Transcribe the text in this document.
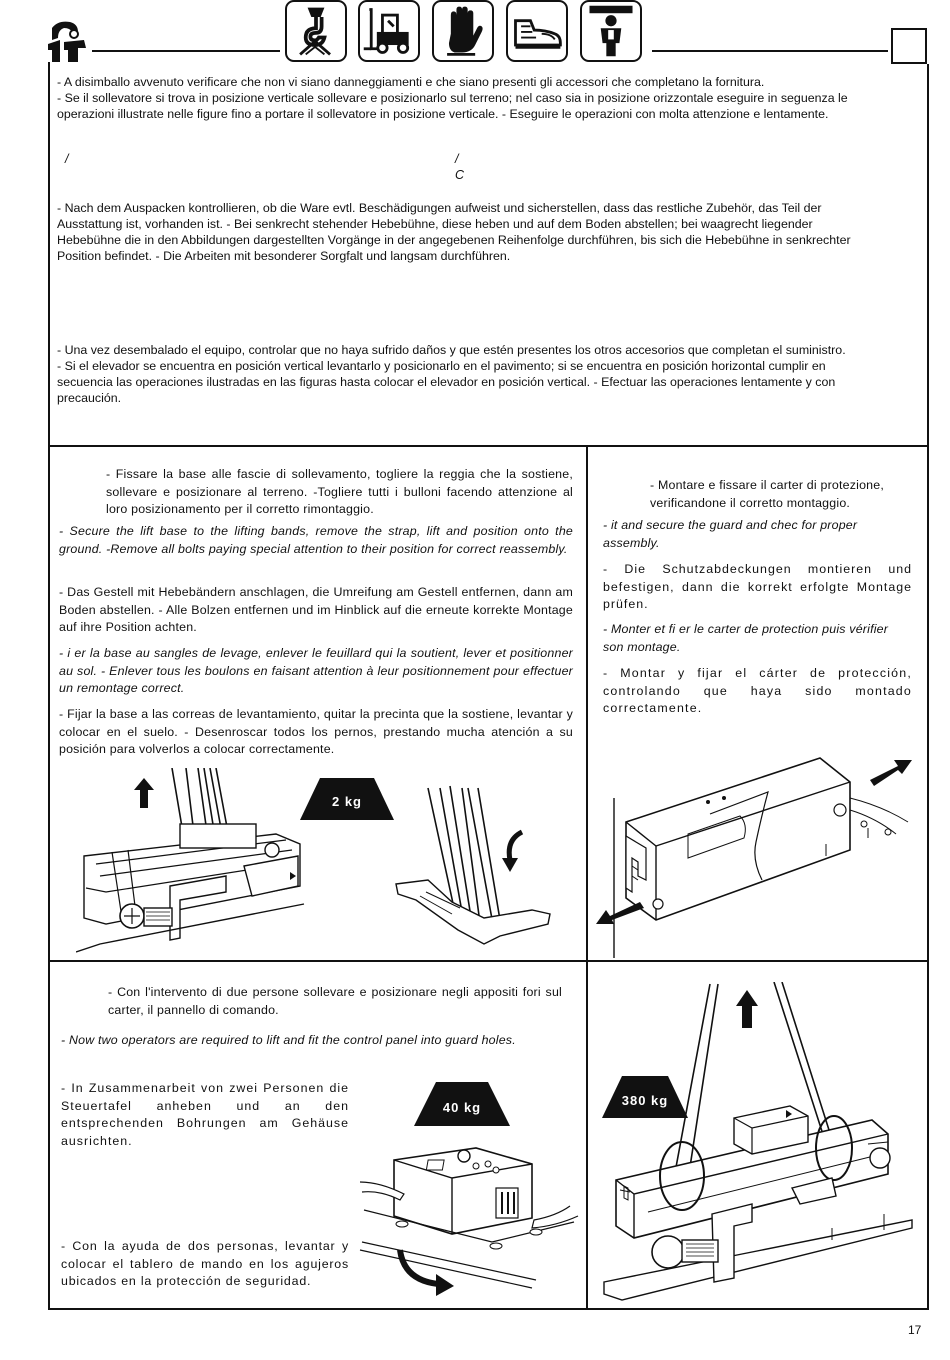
- A disimballo avvenuto verificare che non vi siano danneggiamenti e che siano presenti gli accessori che completano la fornitura.
- Se il sollevatore si trova in posizione verticale sollevare e posizionarlo sul terreno; nel caso sia in posizione orizzontale eseguire in seguenza le
operazioni illustrate nelle figure fino a portare il sollevatore in posizione verticale. - Eseguire le operazioni con molta attenzione e lentamente.
/	/
C
- Nach dem Auspacken kontrollieren, ob die Ware evtl. Beschädigungen aufweist und sicherstellen, dass das restliche Zubehör, das Teil der
Ausstattung ist, vorhanden ist. - Bei senkrecht stehender Hebebühne, diese heben und auf dem Boden abstellen; bei waagrecht liegender
Hebebühne die in den Abbildungen dargestellten Vorgänge in der angegebenen Reihenfolge durchführen, bis sich die Hebebühne in senkrechter
Position befindet. - Die Arbeiten mit besonderer Sorgfalt und langsam durchführen.
- Una vez desembalado el equipo, controlar que no haya sufrido daños y que estén presentes los otros accesorios que completan el suministro.
- Si el elevador se encuentra en posición vertical levantarlo y posicionarlo en el pavimento; si se encuentra en posición horizontal cumplir en
secuencia las operaciones ilustradas en las figuras hasta colocar el elevador en posición vertical. - Efectuar las operaciones lentamente y con
precaución.

- Fissare la base alle fascie di sollevamento, togliere la reggia che la sostiene, sollevare e posizionare al terreno. -Togliere tutti i bulloni facendo attenzione al loro posizionamento per il corretto rimontaggio.

- Secure the lift base to the lifting bands, remove the strap, lift and position onto the ground. -Remove all bolts paying special attention to their position for correct reassembly.

- Das Gestell mit Hebebändern anschlagen, die Umreifung am Gestell entfernen, dann am Boden abstellen. - Alle Bolzen entfernen und im Hinblick auf die erneute korrekte Montage auf ihre Position achten.

- i er la base au sangles de levage, enlever le feuillard qui la soutient, lever et positionner au sol. - Enlever tous les boulons en faisant attention à leur positionnement pour effectuer un remontage correct.

- Fijar la base a las correas de levantamiento, quitar la precinta que la sostiene, levantar y colocar en el suelo. - Desenroscar todos los pernos, prestando mucha atención a su posición para volverlos a colocar correctamente.

2 kg

- Montare e fissare il carter di protezione, verificandone il corretto montaggio.

- it and secure the guard and chec for proper assembly.

- Die Schutzabdeckungen montieren und befestigen, dann die korrekt erfolgte Montage prüfen.

- Monter et fi er le carter de protection puis vérifier son montage.

- Montar y fijar el cárter de protección, controlando que haya sido montado correctamente.

- Con l'intervento di due persone sollevare e posizionare negli appositi fori sul carter, il pannello di comando.

- Now two operators are required to lift and fit the control panel into guard holes.

- In Zusammenarbeit von zwei Personen die Steuertafel anheben und an den entsprechenden Bohrungen am Gehäuse ausrichten.

- Con la ayuda de dos personas, levantar y colocar el tablero de mando en los agujeros ubicados en la protección de seguridad.

40 kg	380 kg
17
